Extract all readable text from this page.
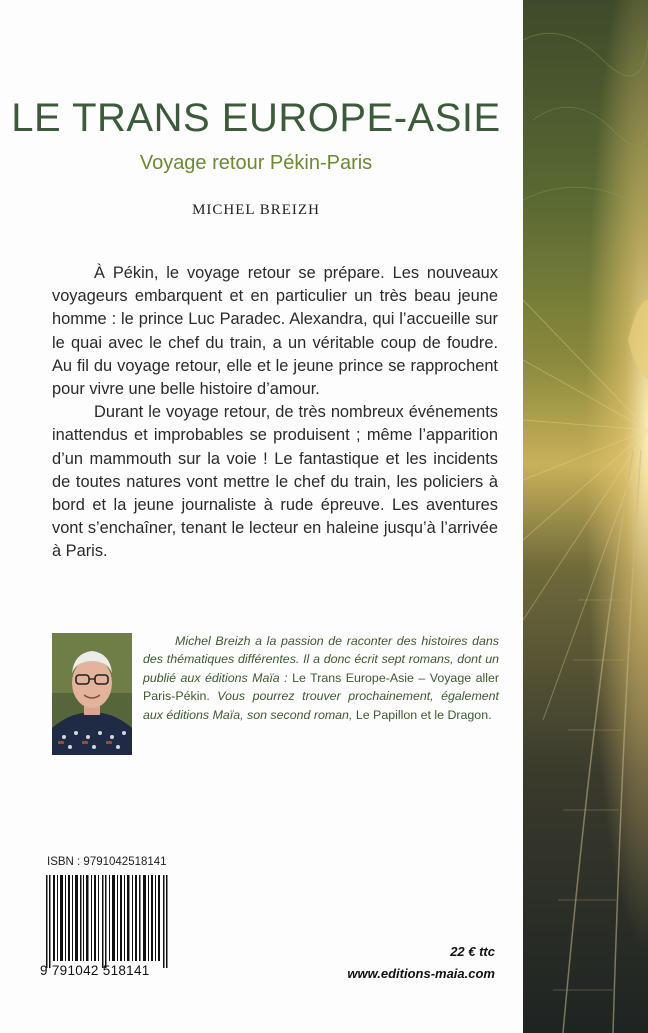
LE TRANS EUROPE-ASIE
Voyage retour Pékin-Paris
MICHEL BREIZH

À Pékin, le voyage retour se prépare. Les nouveaux voyageurs embarquent et en particulier un très beau jeune homme : le prince Luc Paradec. Alexandra, qui l’accueille sur le quai avec le chef du train, a un véritable coup de foudre. Au fil du voyage retour, elle et le jeune prince se rapprochent pour vivre une belle histoire d’amour.

Durant le voyage retour, de très nombreux événements inattendus et improbables se produisent ; même l’apparition d’un mammouth sur la voie ! Le fantastique et les incidents de toutes natures vont mettre le chef du train, les policiers à bord et la jeune journaliste à rude épreuve. Les aventures vont s’enchaîner, tenant le lecteur en haleine jusqu’à l’arrivée à Paris.

Michel Breizh a la passion de raconter des histoires dans des thématiques différentes. Il a donc écrit sept romans, dont un publié aux éditions Maïa : Le Trans Europe-Asie – Voyage aller Paris-Pékin. Vous pourrez trouver prochainement, également aux éditions Maïa, son second roman, Le Papillon et le Dragon.

ISBN : 9791042518141
9 791042 518141
22 € ttc
www.editions-maia.com
